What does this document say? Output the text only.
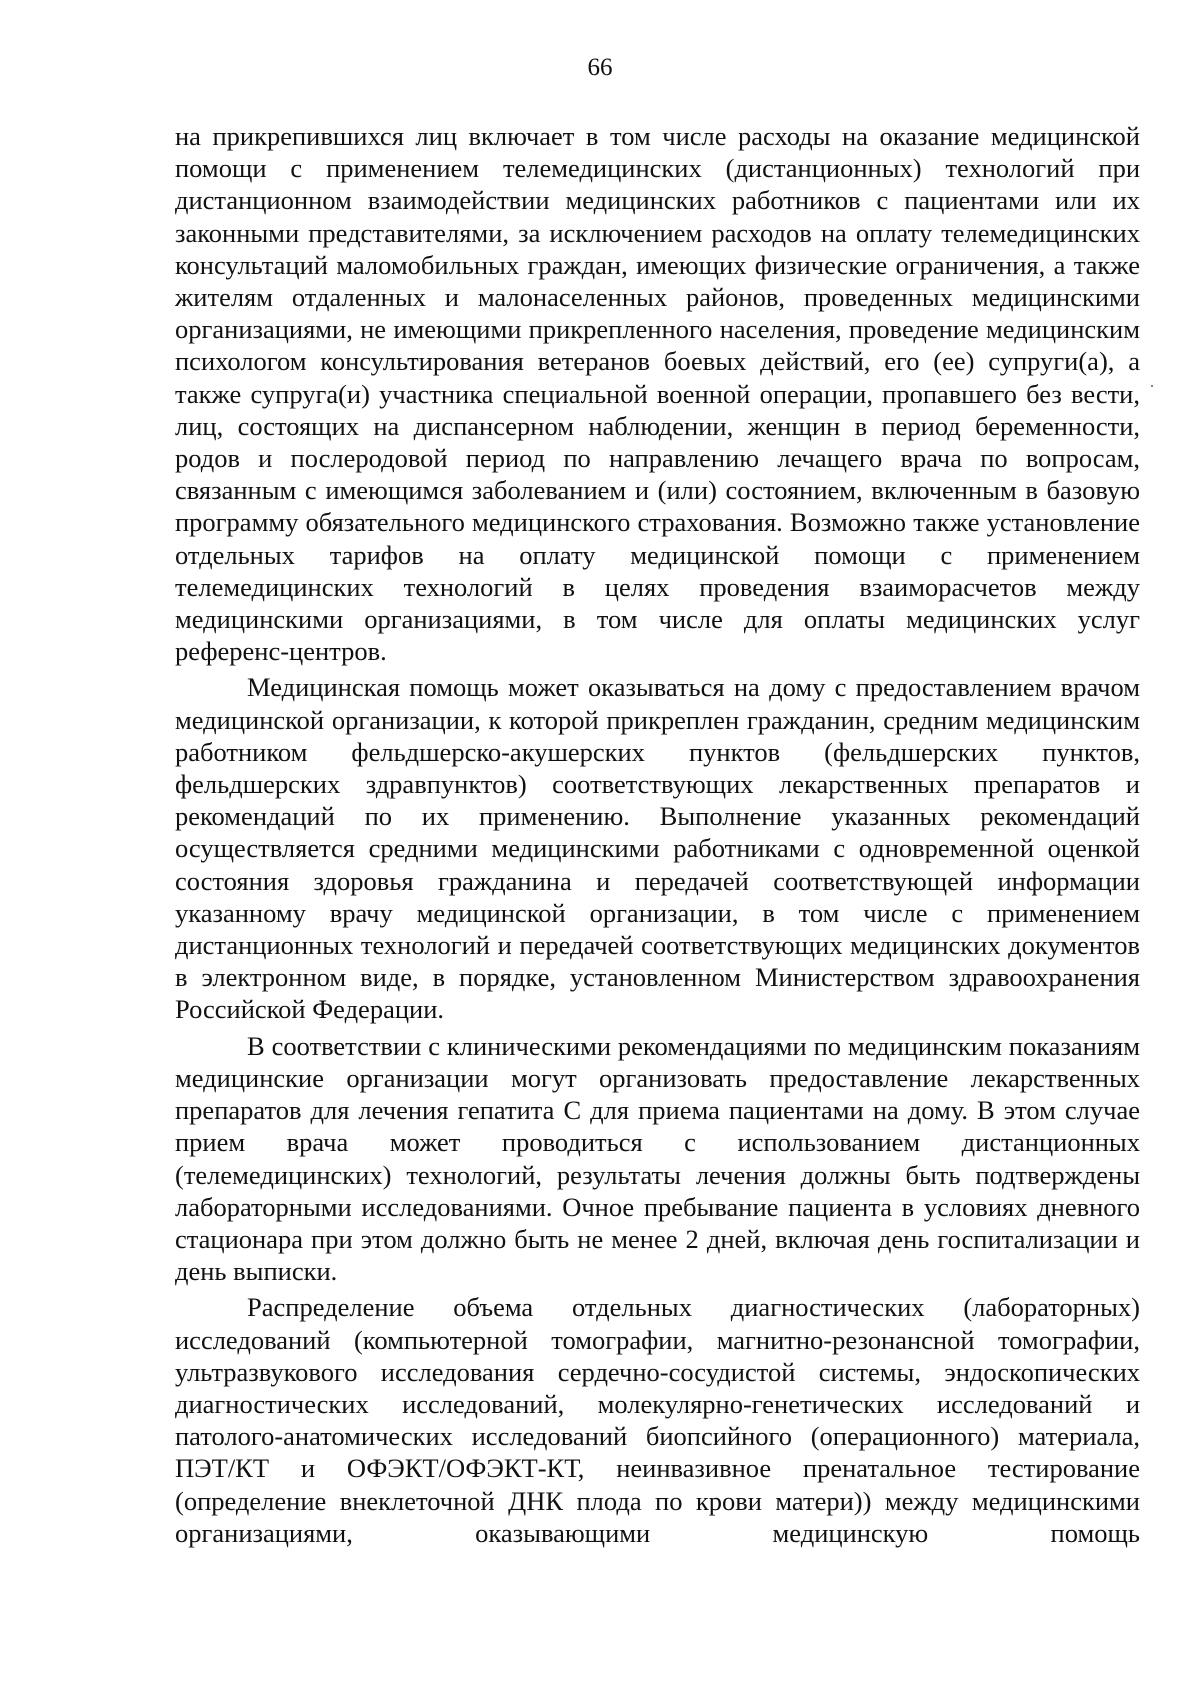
66

на прикрепившихся лиц включает в том числе расходы на оказание медицинской помощи с применением телемедицинских (дистанционных) технологий при дистанционном взаимодействии медицинских работников с пациентами или их законными представителями, за исключением расходов на оплату телемедицинских консультаций маломобильных граждан, имеющих физические ограничения, а также жителям отдаленных и малонаселенных районов, проведенных медицинскими организациями, не имеющими прикрепленного населения, проведение медицинским психологом консультирования ветеранов боевых действий, его (ее) супруги(а), а также супруга(и) участника специальной военной операции, пропавшего без вести, лиц, состоящих на диспансерном наблюдении, женщин в период беременности, родов и послеродовой период по направлению лечащего врача по вопросам, связанным с имеющимся заболеванием и (или) состоянием, включенным в базовую программу обязательного медицинского страхования. Возможно также установление отдельных тарифов на оплату медицинской помощи с применением телемедицинских технологий в целях проведения взаиморасчетов между медицинскими организациями, в том числе для оплаты медицинских услуг референс-центров.

Медицинская помощь может оказываться на дому с предоставлением врачом медицинской организации, к которой прикреплен гражданин, средним медицинским работником фельдшерско-акушерских пунктов (фельдшерских пунктов, фельдшерских здравпунктов) соответствующих лекарственных препаратов и рекомендаций по их применению. Выполнение указанных рекомендаций осуществляется средними медицинскими работниками с одновременной оценкой состояния здоровья гражданина и передачей соответствующей информации указанному врачу медицинской организации, в том числе с применением дистанционных технологий и передачей соответствующих медицинских документов в электронном виде, в порядке, установленном Министерством здравоохранения Российской Федерации.

В соответствии с клиническими рекомендациями по медицинским показаниям медицинские организации могут организовать предоставление лекарственных препаратов для лечения гепатита С для приема пациентами на дому. В этом случае прием врача может проводиться с использованием дистанционных (телемедицинских) технологий, результаты лечения должны быть подтверждены лабораторными исследованиями. Очное пребывание пациента в условиях дневного стационара при этом должно быть не менее 2 дней, включая день госпитализации и день выписки.

Распределение объема отдельных диагностических (лабораторных) исследований (компьютерной томографии, магнитно-резонансной томографии, ультразвукового исследования сердечно-сосудистой системы, эндоскопических диагностических исследований, молекулярно-генетических исследований и патолого-анатомических исследований биопсийного (операционного) материала, ПЭТ/КТ и ОФЭКТ/ОФЭКТ-КТ, неинвазивное пренатальное тестирование (определение внеклеточной ДНК плода по крови матери)) между медицинскими организациями, оказывающими медицинскую помощь
